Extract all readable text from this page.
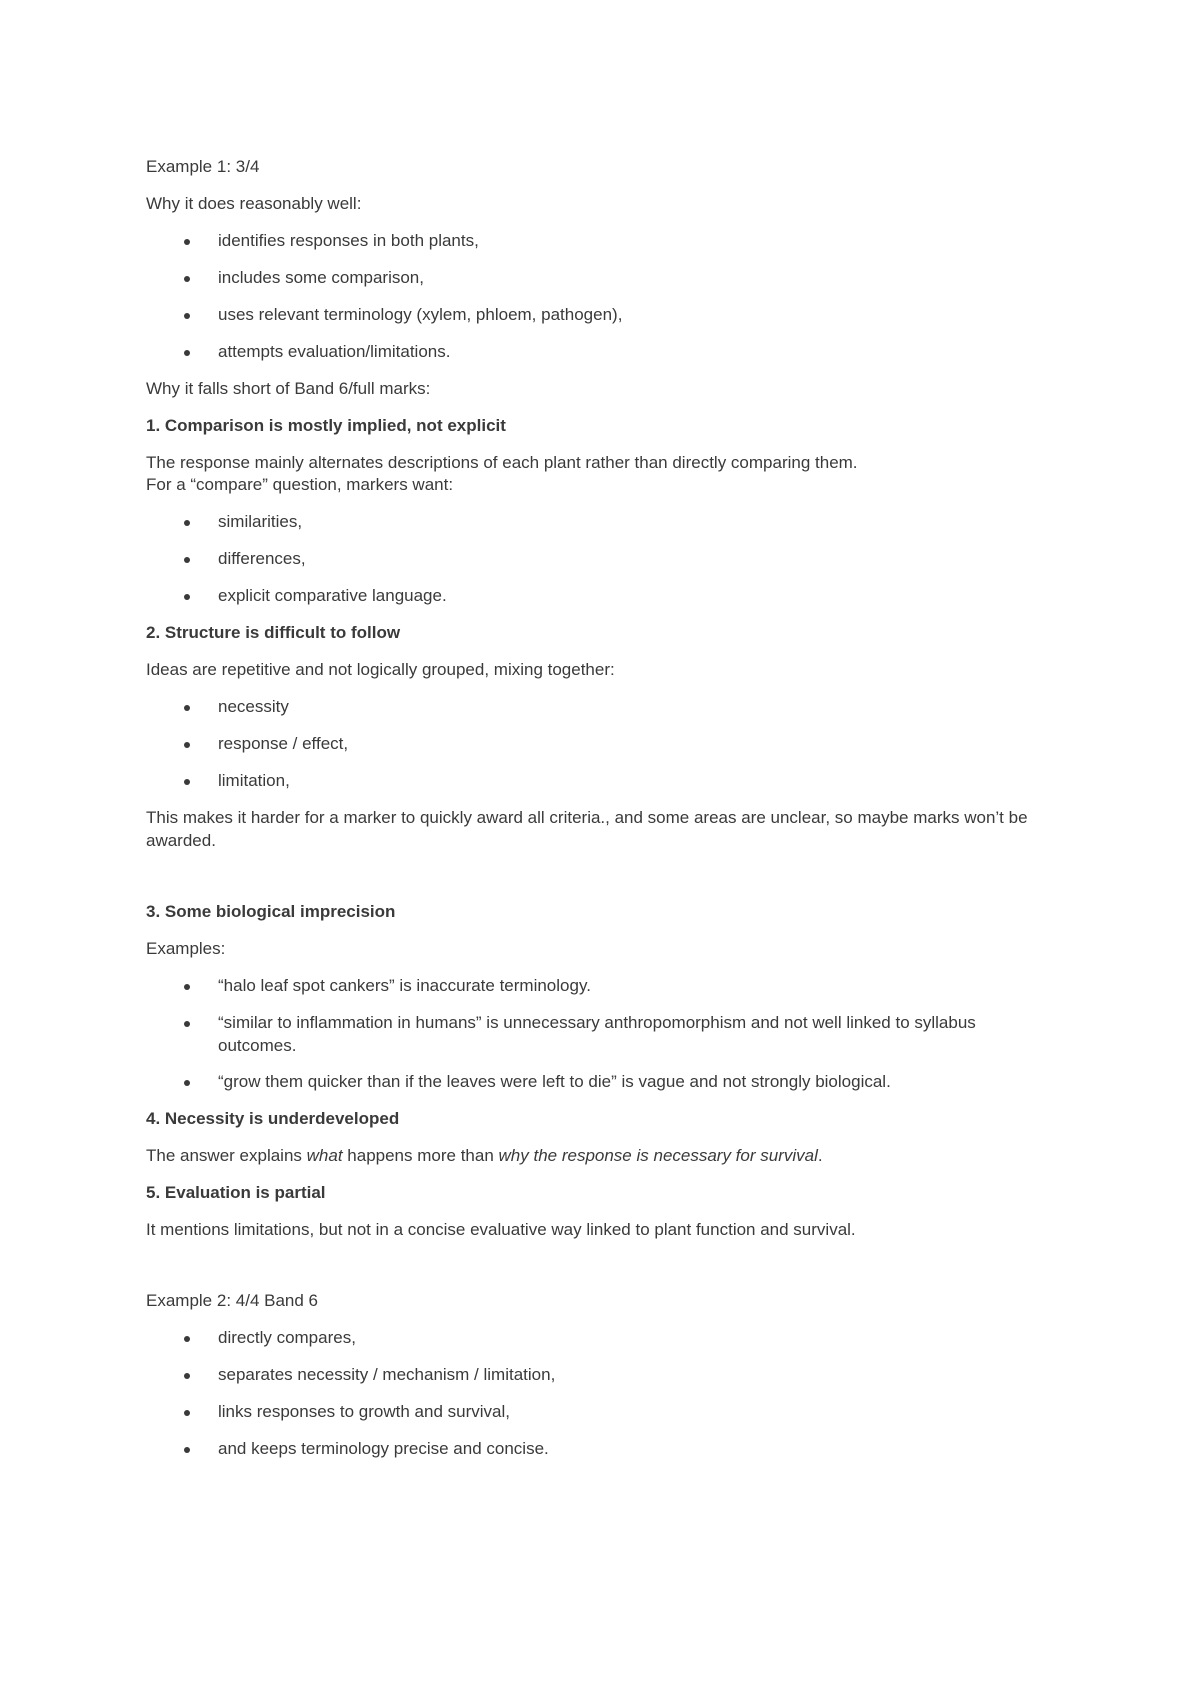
Example 1: 3/4

Why it does reasonably well:

identifies responses in both plants,
includes some comparison,
uses relevant terminology (xylem, phloem, pathogen),
attempts evaluation/limitations.

Why it falls short of Band 6/full marks:

1. Comparison is mostly implied, not explicit

The response mainly alternates descriptions of each plant rather than directly comparing them.
For a “compare” question, markers want:

similarities,
differences,
explicit comparative language.

2. Structure is difficult to follow

Ideas are repetitive and not logically grouped, mixing together:

necessity
response / effect,
limitation,

This makes it harder for a marker to quickly award all criteria., and some areas are unclear, so maybe marks won’t be awarded.

3. Some biological imprecision

Examples:

“halo leaf spot cankers” is inaccurate terminology.
“similar to inflammation in humans” is unnecessary anthropomorphism and not well linked to syllabus outcomes.
“grow them quicker than if the leaves were left to die” is vague and not strongly biological.

4. Necessity is underdeveloped

The answer explains what happens more than why the response is necessary for survival.

5. Evaluation is partial

It mentions limitations, but not in a concise evaluative way linked to plant function and survival.

Example 2: 4/4 Band 6

directly compares,
separates necessity / mechanism / limitation,
links responses to growth and survival,
and keeps terminology precise and concise.
